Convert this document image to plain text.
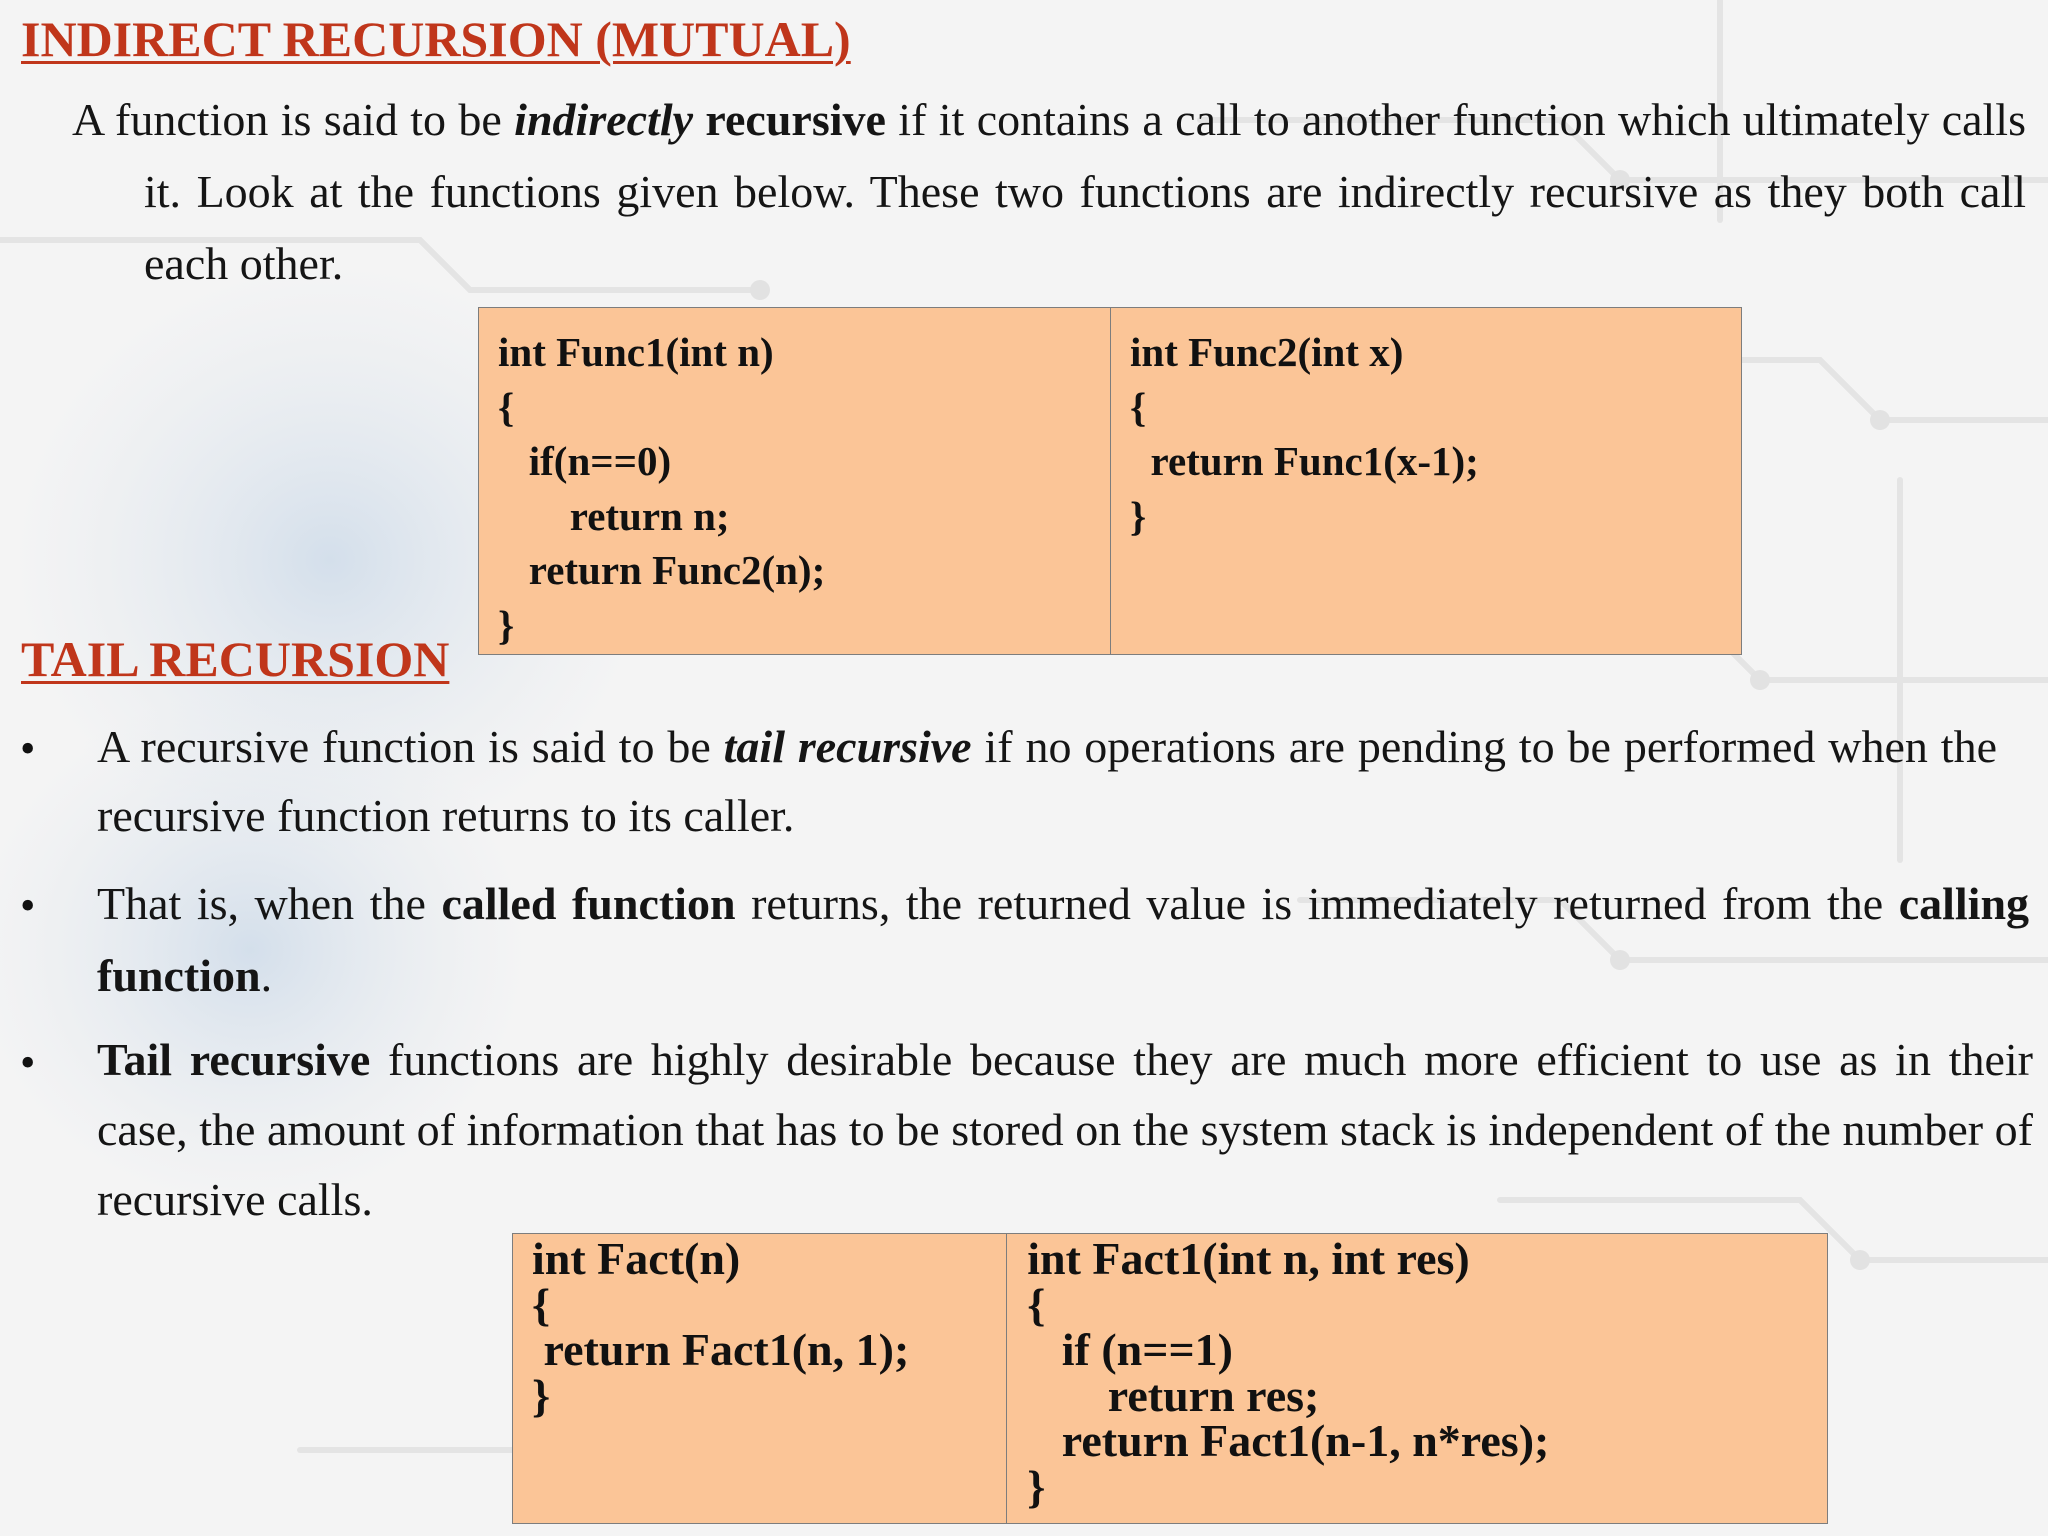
INDIRECT RECURSION (MUTUAL)

A function is said to be indirectly recursive if it contains a call to another function which ultimately calls it. Look at the functions given below. These two functions are indirectly recursive as they both call each other.

int Func1(int n)
{
if(n==0)
return n;
return Func2(n);
}
int Func2(int x)
{
return Func1(x-1);
}
TAIL RECURSION
• A recursive function is said to be tail recursive if no operations are pending to be performed when the recursive function returns to its caller.

• That is, when the called function returns, the returned value is immediately returned from the calling function.

• Tail recursive functions are highly desirable because they are much more efficient to use as in their case, the amount of information that has to be stored on the system stack is independent of the number of recursive calls.

int Fact(n)
{
return Fact1(n, 1);
}
int Fact1(int n, int res)
{
if (n==1)
return res;
return Fact1(n-1, n*res);
}
